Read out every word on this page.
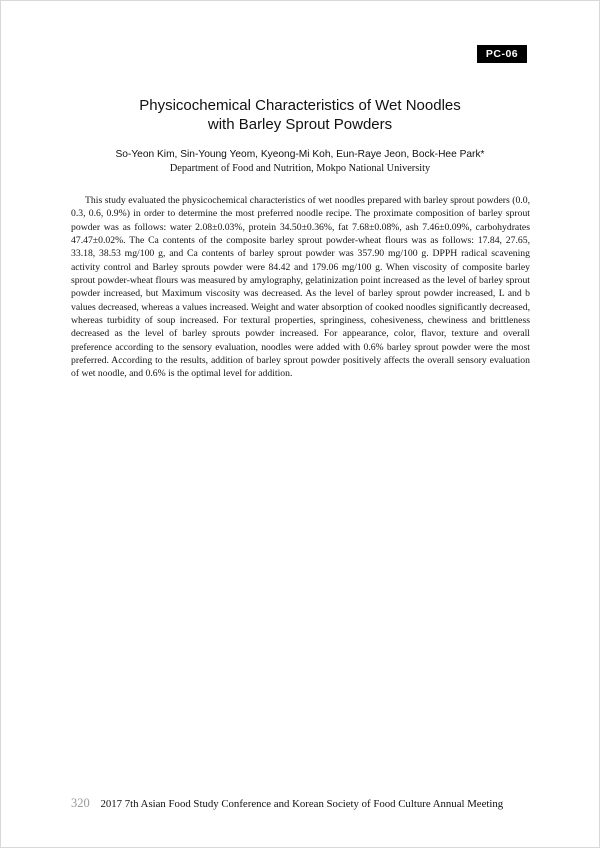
PC-06
Physicochemical Characteristics of Wet Noodles
with Barley Sprout Powders
So-Yeon Kim, Sin-Young Yeom, Kyeong-Mi Koh, Eun-Raye Jeon, Bock-Hee Park*
Department of Food and Nutrition, Mokpo National University

This study evaluated the physicochemical characteristics of wet noodles prepared with barley sprout powders (0.0, 0.3, 0.6, 0.9%) in order to determine the most preferred noodle recipe. The proximate composition of barley sprout powder was as follows: water 2.08±0.03%, protein 34.50±0.36%, fat 7.68±0.08%, ash 7.46±0.09%, carbohydrates 47.47±0.02%. The Ca contents of the composite barley sprout powder-wheat flours was as follows: 17.84, 27.65, 33.18, 38.53 mg/100 g, and Ca contents of barley sprout powder was 357.90 mg/100 g. DPPH radical scavening activity control and Barley sprouts powder were 84.42 and 179.06 mg/100 g. When viscosity of composite barley sprout powder-wheat flours was measured by amylography, gelatinization point increased as the level of barley sprout powder increased, but Maximum viscosity was decreased. As the level of barley sprout powder increased, L and b values decreased, whereas a values increased. Weight and water absorption of cooked noodles significantly decreased, whereas turbidity of soup increased. For textural properties, springiness, cohesiveness, chewiness and brittleness decreased as the level of barley sprouts powder increased. For appearance, color, flavor, texture and overall preference according to the sensory evaluation, noodles were added with 0.6% barley sprout powder were the most preferred. According to the results, addition of barley sprout powder positively affects the overall sensory evaluation of wet noodle, and 0.6% is the optimal level for addition.

320 2017 7th Asian Food Study Conference and Korean Society of Food Culture Annual Meeting
